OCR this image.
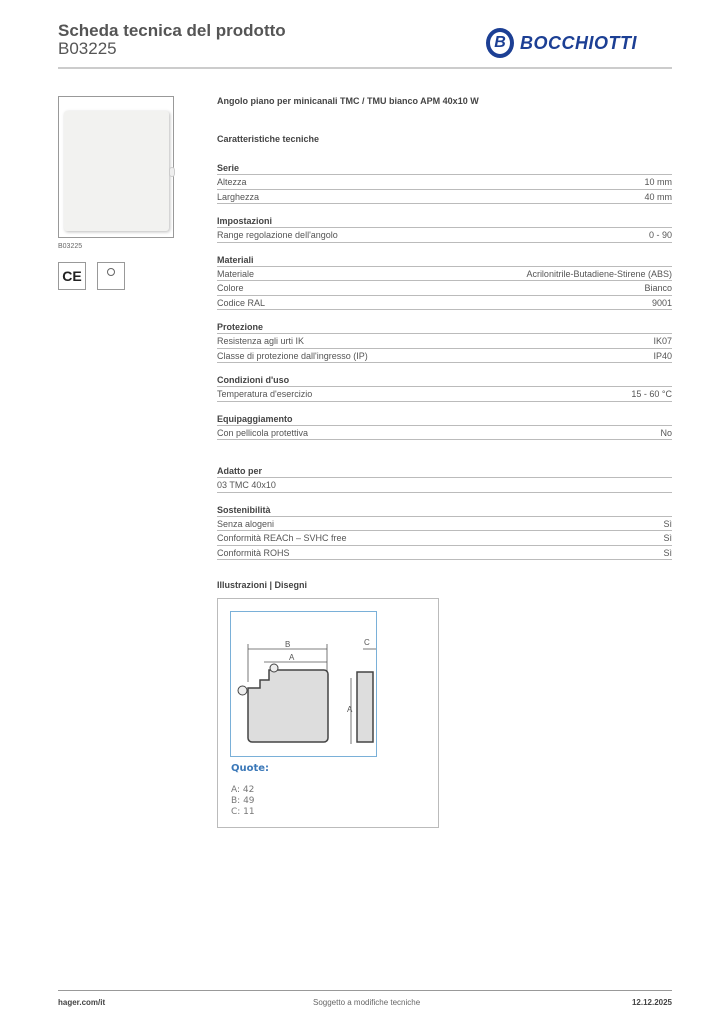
Scheda tecnica del prodotto
B03225	B BOCCHIOTTI
B03225
CE
Angolo piano per minicanali TMC / TMU bianco APM 40x10 W
Caratteristiche tecniche
Serie
Altezza	10 mm
Larghezza	40 mm
Impostazioni
Range regolazione dell'angolo	0 - 90
Materiali
Materiale	Acrilonitrile-Butadiene-Stirene (ABS)
Colore	Bianco
Codice RAL	9001
Protezione
Resistenza agli urti IK	IK07
Classe di protezione dall'ingresso (IP)	IP40
Condizioni d'uso
Temperatura d'esercizio	15 - 60 °C
Equipaggiamento
Con pellicola protettiva	No
Adatto per
03 TMC 40x10
Sostenibilità
Senza alogeni	Sì
Conformità REACh – SVHC free	Sì
Conformità ROHS	Sì
Illustrazioni | Disegni
B
A
C
A
Quote:
A: 42
B: 49
C: 11
hager.com/it	Soggetto a modifiche tecniche	12.12.2025
